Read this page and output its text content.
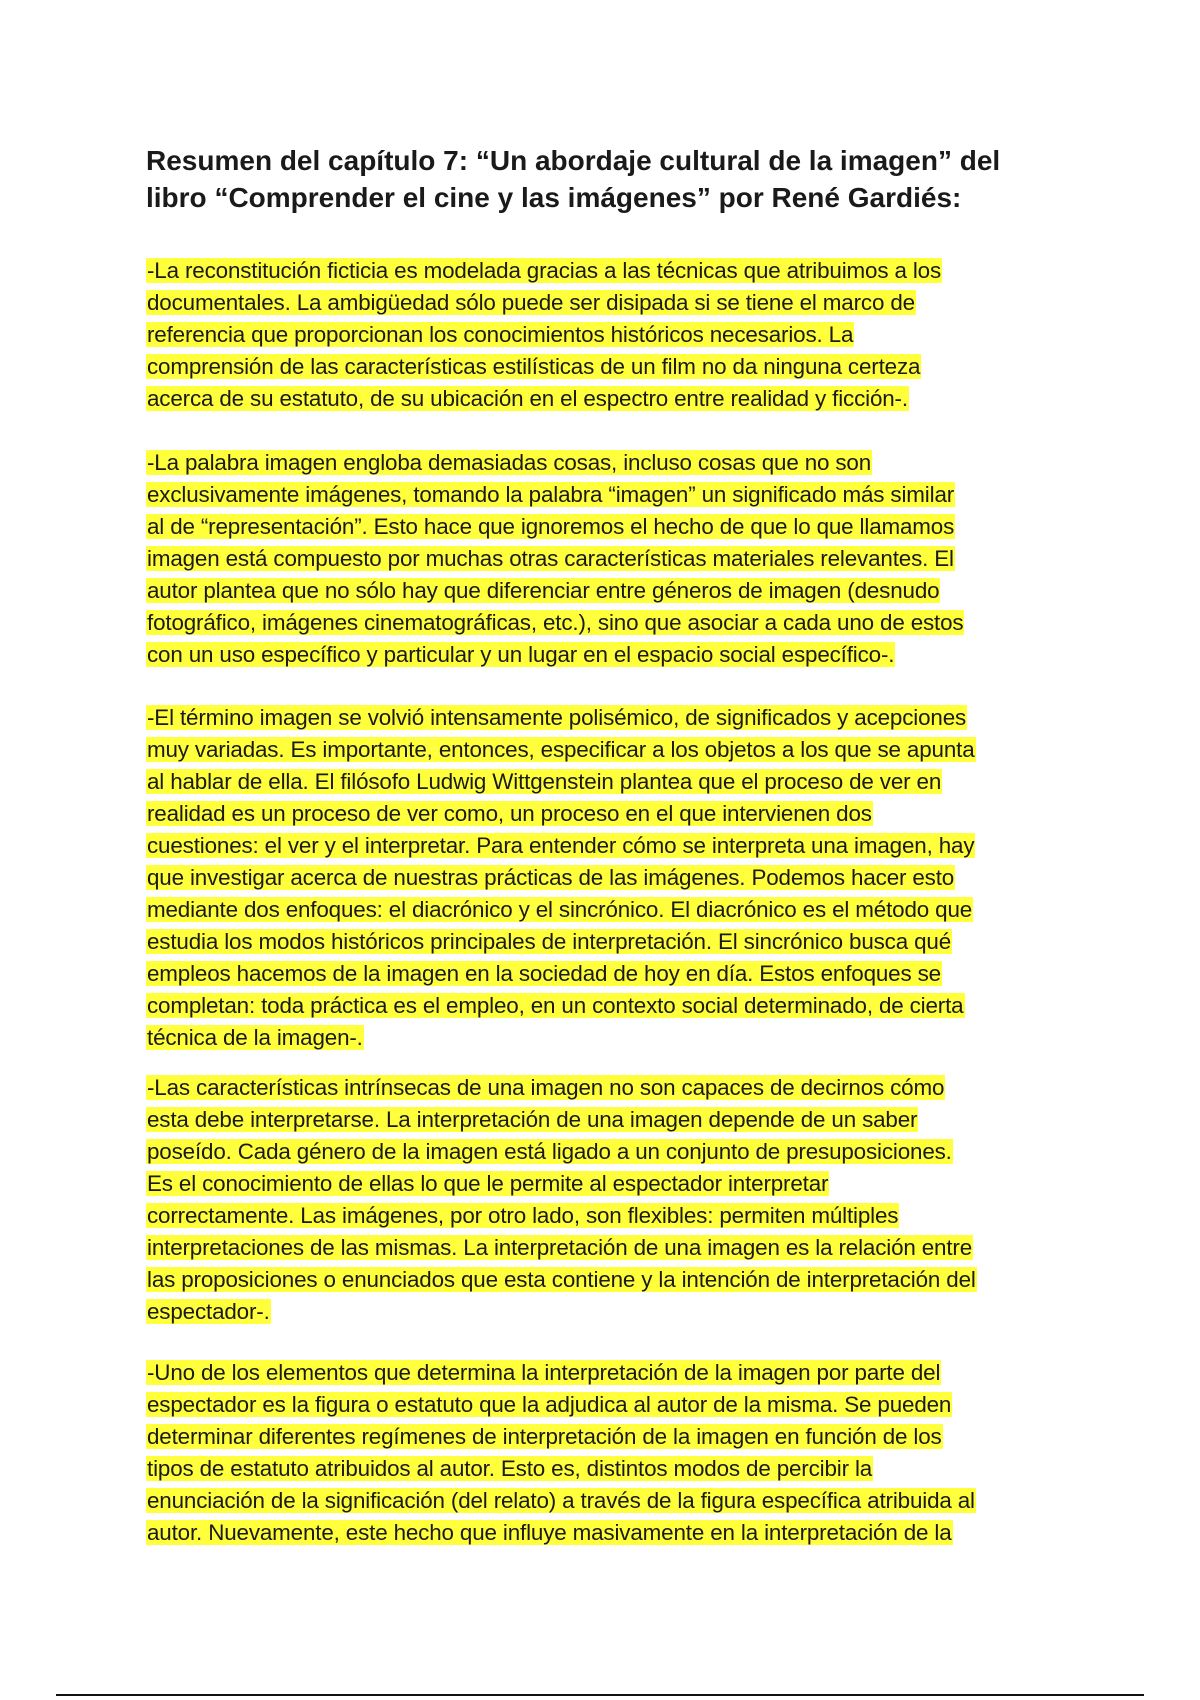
Resumen del capítulo 7: “Un abordaje cultural de la imagen” del
libro “Comprender el cine y las imágenes” por René Gardiés:

-La reconstitución ficticia es modelada gracias a las técnicas que atribuimos a los
documentales. La ambigüedad sólo puede ser disipada si se tiene el marco de
referencia que proporcionan los conocimientos históricos necesarios. La
comprensión de las características estilísticas de un film no da ninguna certeza
acerca de su estatuto, de su ubicación en el espectro entre realidad y ficción-.

-La palabra imagen engloba demasiadas cosas, incluso cosas que no son
exclusivamente imágenes, tomando la palabra “imagen” un significado más similar
al de “representación”. Esto hace que ignoremos el hecho de que lo que llamamos
imagen está compuesto por muchas otras características materiales relevantes. El
autor plantea que no sólo hay que diferenciar entre géneros de imagen (desnudo
fotográfico, imágenes cinematográficas, etc.), sino que asociar a cada uno de estos
con un uso específico y particular y un lugar en el espacio social específico-.

-El término imagen se volvió intensamente polisémico, de significados y acepciones
muy variadas. Es importante, entonces, especificar a los objetos a los que se apunta
al hablar de ella. El filósofo Ludwig Wittgenstein plantea que el proceso de ver en
realidad es un proceso de ver como, un proceso en el que intervienen dos
cuestiones: el ver y el interpretar. Para entender cómo se interpreta una imagen, hay
que investigar acerca de nuestras prácticas de las imágenes. Podemos hacer esto
mediante dos enfoques: el diacrónico y el sincrónico. El diacrónico es el método que
estudia los modos históricos principales de interpretación. El sincrónico busca qué
empleos hacemos de la imagen en la sociedad de hoy en día. Estos enfoques se
completan: toda práctica es el empleo, en un contexto social determinado, de cierta
técnica de la imagen-.

-Las características intrínsecas de una imagen no son capaces de decirnos cómo
esta debe interpretarse. La interpretación de una imagen depende de un saber
poseído. Cada género de la imagen está ligado a un conjunto de presuposiciones.
Es el conocimiento de ellas lo que le permite al espectador interpretar
correctamente. Las imágenes, por otro lado, son flexibles: permiten múltiples
interpretaciones de las mismas. La interpretación de una imagen es la relación entre
las proposiciones o enunciados que esta contiene y la intención de interpretación del
espectador-.

-Uno de los elementos que determina la interpretación de la imagen por parte del
espectador es la figura o estatuto que la adjudica al autor de la misma. Se pueden
determinar diferentes regímenes de interpretación de la imagen en función de los
tipos de estatuto atribuidos al autor. Esto es, distintos modos de percibir la
enunciación de la significación (del relato) a través de la figura específica atribuida al
autor. Nuevamente, este hecho que influye masivamente en la interpretación de la
